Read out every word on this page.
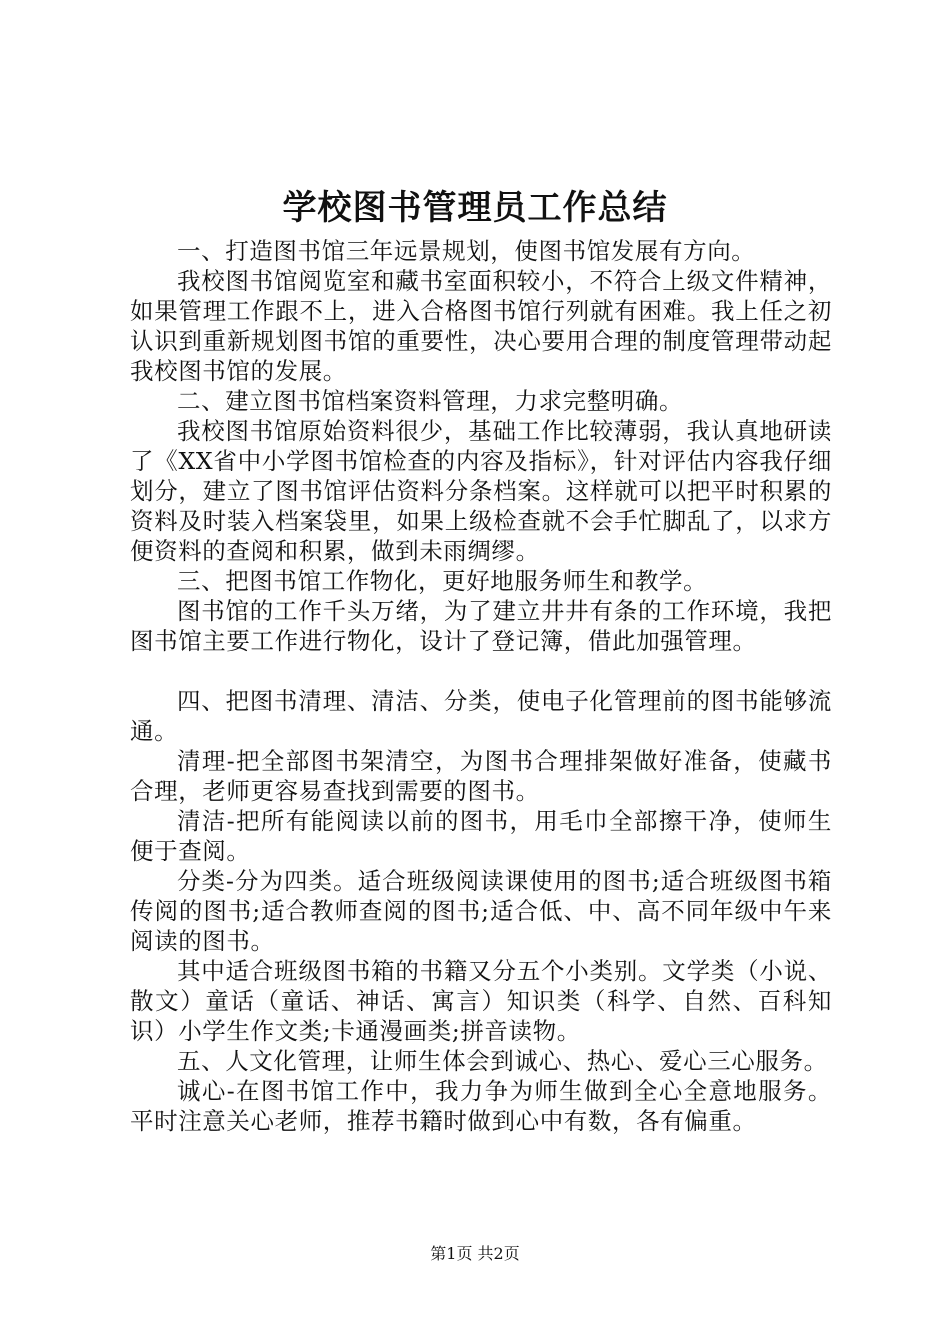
学校图书管理员工作总结

一、打造图书馆三年远景规划，使图书馆发展有方向。

我校图书馆阅览室和藏书室面积较小，不符合上级文件精神，如果管理工作跟不上，进入合格图书馆行列就有困难。我上任之初认识到重新规划图书馆的重要性，决心要用合理的制度管理带动起我校图书馆的发展。

二、建立图书馆档案资料管理，力求完整明确。

我校图书馆原始资料很少，基础工作比较薄弱，我认真地研读了《XX省中小学图书馆检查的内容及指标》，针对评估内容我仔细划分，建立了图书馆评估资料分条档案。这样就可以把平时积累的资料及时装入档案袋里，如果上级检查就不会手忙脚乱了，以求方便资料的查阅和积累，做到未雨绸缪。

三、把图书馆工作物化，更好地服务师生和教学。

图书馆的工作千头万绪，为了建立井井有条的工作环境，我把图书馆主要工作进行物化，设计了登记簿，借此加强管理。

四、把图书清理、清洁、分类，使电子化管理前的图书能够流通。

清理-把全部图书架清空，为图书合理排架做好准备，使藏书合理，老师更容易查找到需要的图书。

清洁-把所有能阅读以前的图书，用毛巾全部擦干净，使师生便于查阅。

分类-分为四类。适合班级阅读课使用的图书;适合班级图书箱传阅的图书;适合教师查阅的图书;适合低、中、高不同年级中午来阅读的图书。

其中适合班级图书箱的书籍又分五个小类别。文学类（小说、散文）童话（童话、神话、寓言）知识类（科学、自然、百科知识）小学生作文类;卡通漫画类;拼音读物。

五、人文化管理，让师生体会到诚心、热心、爱心三心服务。

诚心-在图书馆工作中，我力争为师生做到全心全意地服务。平时注意关心老师，推荐书籍时做到心中有数，各有偏重。

第1页 共2页
